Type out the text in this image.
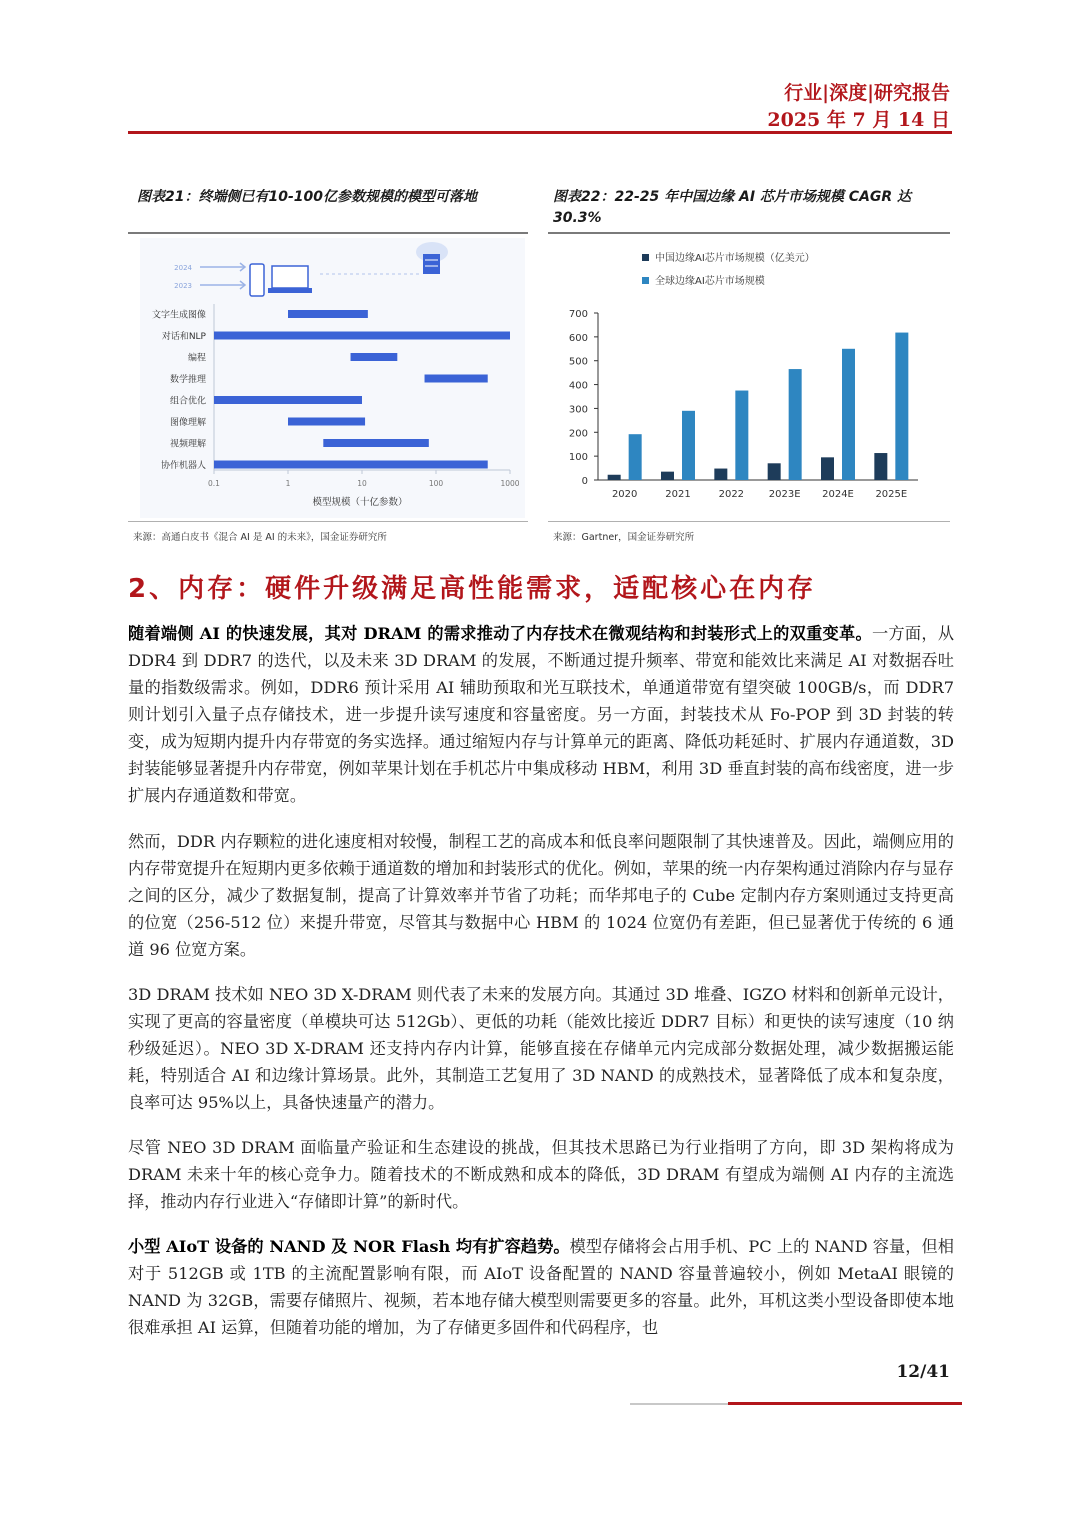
行业|深度|研究报告
2025 年 7 月 14 日
图表21：终端侧已有10-100亿参数规模的模型可落地	图表22：22-25 年中国边缘 AI 芯片市场规模 CAGR 达
30.3%
2024
2023
文字生成图像
对话和NLP
编程
数学推理
组合优化
图像理解
视频理解
协作机器人
0.1	1	10	100	1000
模型规模（十亿参数）
中国边缘AI芯片市场规模（亿美元）
全球边缘AI芯片市场规模
0
100
200
300
400
500
600
700
2020	2021	2022 2023E 2024E 2025E
来源：高通白皮书《混合 AI 是 AI 的未来》，国金证券研究所	来源：Gartner，国金证券研究所
2、内存：硬件升级满足高性能需求，适配核心在内存
随着端侧 AI 的快速发展，其对 DRAM 的需求推动了内存技术在微观结构和封装形式上的双重变革。一方面，从 DDR4 到 DDR7 的迭代，以及未来 3D DRAM 的发展，不断通过提升频率、带宽和能效比来满足 AI 对数据吞吐量的指数级需求。例如，DDR6 预计采用 AI 辅助预取和光互联技术，单通道带宽有望突破 100GB/s，而 DDR7 则计划引入量子点存储技术，进一步提升读写速度和容量密度。另一方面，封装技术从 Fo-POP 到 3D 封装的转变，成为短期内提升内存带宽的务实选择。通过缩短内存与计算单元的距离、降低功耗延时、扩展内存通道数，3D 封装能够显著提升内存带宽，例如苹果计划在手机芯片中集成移动 HBM，利用 3D 垂直封装的高布线密度，进一步扩展内存通道数和带宽。
然而，DDR 内存颗粒的进化速度相对较慢，制程工艺的高成本和低良率问题限制了其快速普及。因此，端侧应用的内存带宽提升在短期内更多依赖于通道数的增加和封装形式的优化。例如，苹果的统一内存架构通过消除内存与显存之间的区分，减少了数据复制，提高了计算效率并节省了功耗；而华邦电子的 Cube 定制内存方案则通过支持更高的位宽（256-512 位）来提升带宽，尽管其与数据中心 HBM 的 1024 位宽仍有差距，但已显著优于传统的 6 通道 96 位宽方案。
3D DRAM 技术如 NEO 3D X-DRAM 则代表了未来的发展方向。其通过 3D 堆叠、IGZO 材料和创新单元设计，实现了更高的容量密度（单模块可达 512Gb）、更低的功耗（能效比接近 DDR7 目标）和更快的读写速度（10 纳秒级延迟）。NEO 3D X-DRAM 还支持内存内计算，能够直接在存储单元内完成部分数据处理，减少数据搬运能耗，特别适合 AI 和边缘计算场景。此外，其制造工艺复用了 3D NAND 的成熟技术，显著降低了成本和复杂度，良率可达 95%以上，具备快速量产的潜力。
尽管 NEO 3D DRAM 面临量产验证和生态建设的挑战，但其技术思路已为行业指明了方向，即 3D 架构将成为 DRAM 未来十年的核心竞争力。随着技术的不断成熟和成本的降低，3D DRAM 有望成为端侧 AI 内存的主流选择，推动内存行业进入“存储即计算”的新时代。
小型 AIoT 设备的 NAND 及 NOR Flash 均有扩容趋势。模型存储将会占用手机、PC 上的 NAND 容量，但相对于 512GB 或 1TB 的主流配置影响有限，而 AIoT 设备配置的 NAND 容量普遍较小，例如 MetaAI 眼镜的 NAND 为 32GB，需要存储照片、视频，若本地存储大模型则需要更多的容量。此外，耳机这类小型设备即使本地很难承担 AI 运算，但随着功能的增加，为了存储更多固件和代码程序，也
12/41
